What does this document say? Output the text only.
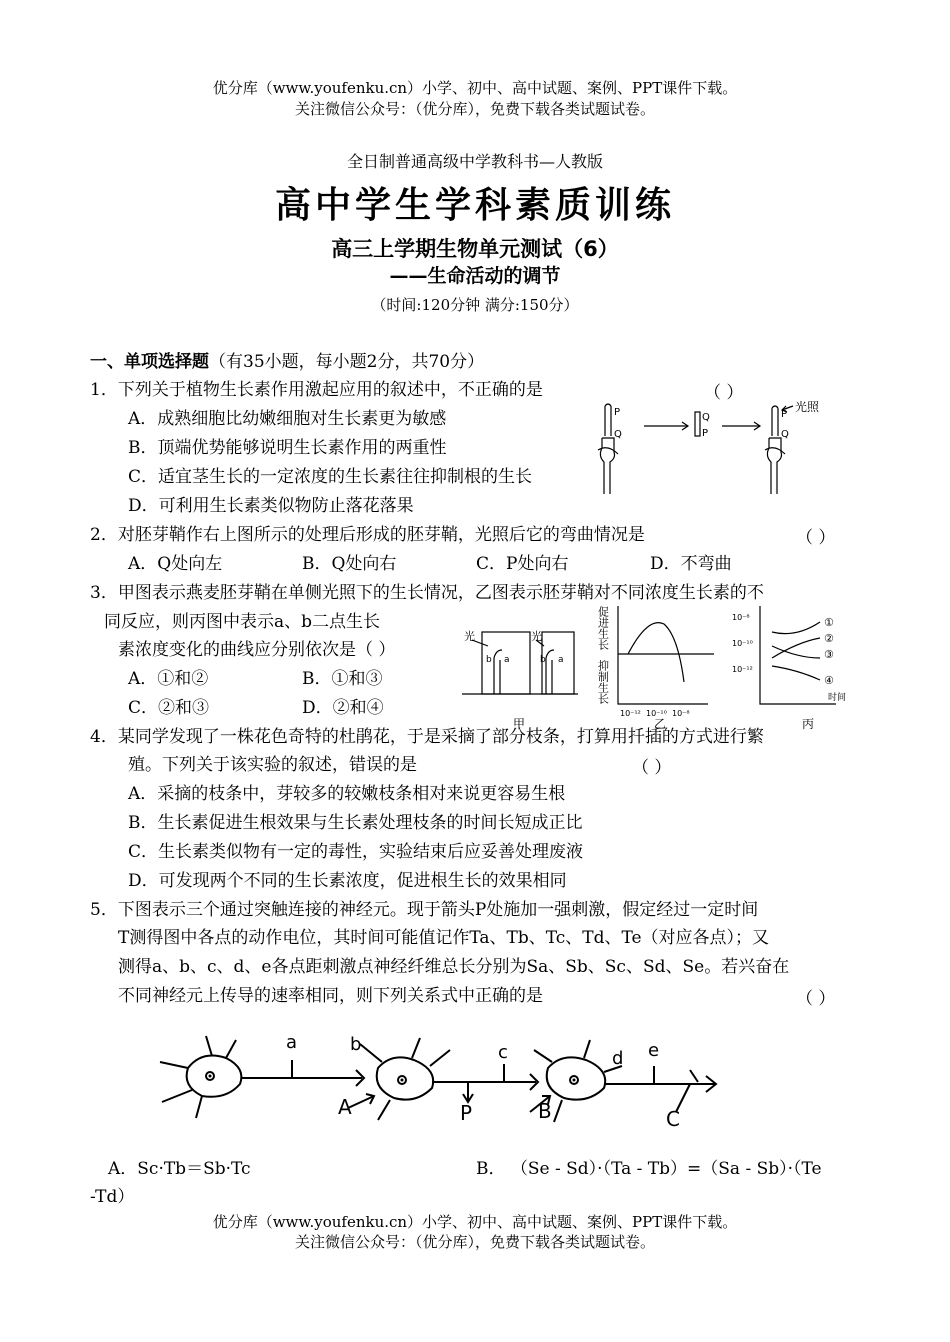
优分库（www.youfenku.cn）小学、初中、高中试题、案例、PPT课件下载。
关注微信公众号：（优分库），免费下载各类试题试卷。
全日制普通高级中学教科书—人教版
高中学生学科素质训练
高三上学期生物单元测试（6）
——生命活动的调节
（时间:120分钟 满分:150分）
一、单项选择题（有35小题，每小题2分，共70分）
1．下列关于植物生长素作用激起应用的叙述中，不正确的是	（ ）
A．成熟细胞比幼嫩细胞对生长素更为敏感
B．顶端优势能够说明生长素作用的两重性
C．适宜茎生长的一定浓度的生长素往往抑制根的生长
D．可利用生长素类似物防止落花落果
P
Q
Q
P
P
Q
光照
2．对胚芽鞘作右上图所示的处理后形成的胚芽鞘，光照后它的弯曲情况是	（ ）
A．Q处向左	B．Q处向右	C．P处向右	D．不弯曲
3．甲图表示燕麦胚芽鞘在单侧光照下的生长情况，乙图表示胚芽鞘对不同浓度生长素的不
同反应，则丙图中表示a、b二点生长
素浓度变化的曲线应分别依次是（ ）
A．①和②	B．①和③
C．②和③	D．②和④
光	光
b a	b a
甲
促进生长
抑制生长
10⁻¹² 10⁻¹⁰ 10⁻⁸
乙
10⁻⁸
10⁻¹⁰
10⁻¹²
①
②
③
④
时间
丙
4．某同学发现了一株花色奇特的杜鹃花，于是采摘了部分枝条，打算用扦插的方式进行繁
殖。下列关于该实验的叙述，错误的是	（ ）
A．采摘的枝条中，芽较多的较嫩枝条相对来说更容易生根
B．生长素促进生根效果与生长素处理枝条的时间长短成正比
C．生长素类似物有一定的毒性，实验结束后应妥善处理废液
D．可发现两个不同的生长素浓度，促进根生长的效果相同
5．下图表示三个通过突触连接的神经元。现于箭头P处施加一强刺激，假定经过一定时间
T测得图中各点的动作电位，其时间可能值记作Ta、Tb、Tc、Td、Te（对应各点）；又
测得a、b、c、d、e各点距刺激点神经纤维总长分别为Sa、Sb、Sc、Sd、Se。若兴奋在
不同神经元上传导的速率相同，则下列关系式中正确的是	（ ）
a	b	c	d e
A	P	B	C
A．Sc·Tb＝Sb·Tc	B． （Se - Sd）·（Ta - Tb）=（Sa - Sb）·（Te
-Td）
优分库（www.youfenku.cn）小学、初中、高中试题、案例、PPT课件下载。
关注微信公众号：（优分库），免费下载各类试题试卷。
